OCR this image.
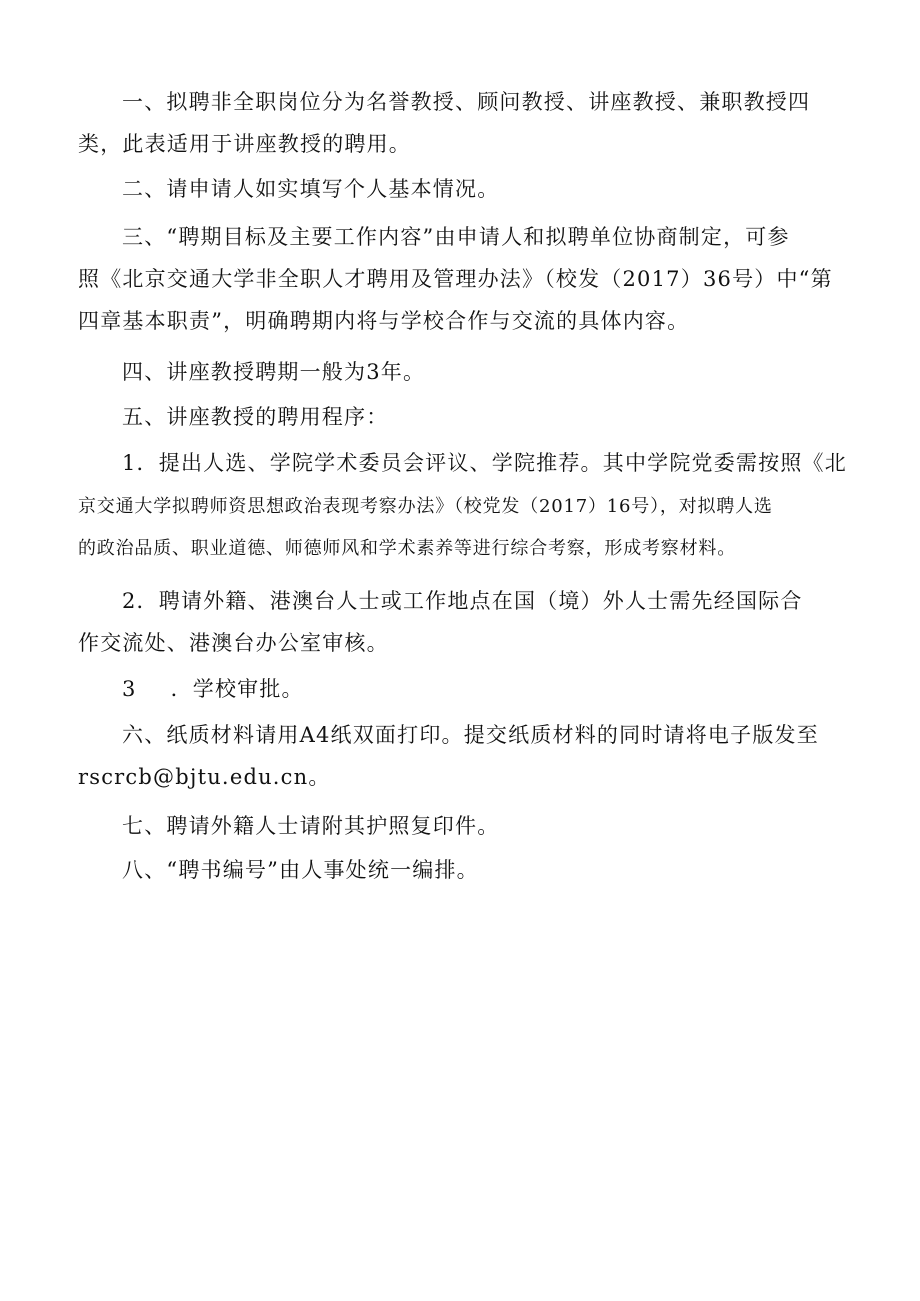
一、拟聘非全职岗位分为名誉教授、顾问教授、讲座教授、兼职教授四
类，此表适用于讲座教授的聘用。

二、请申请人如实填写个人基本情况。

三、“聘期目标及主要工作内容”由申请人和拟聘单位协商制定，可参
照《北京交通大学非全职人才聘用及管理办法》（校发（2017）36号）中“第
四章基本职责”，明确聘期内将与学校合作与交流的具体内容。

四、讲座教授聘期一般为3年。

五、讲座教授的聘用程序：

1．提出人选、学院学术委员会评议、学院推荐。其中学院党委需按照《北

京交通大学拟聘师资思想政治表现考察办法》（校党发（2017）16号），对拟聘人选
的政治品质、职业道德、师德师风和学术素养等进行综合考察，形成考察材料。

2．聘请外籍、港澳台人士或工作地点在国（境）外人士需先经国际合
作交流处、港澳台办公室审核。

3 ．学校审批。

六、纸质材料请用A4纸双面打印。提交纸质材料的同时请将电子版发至
rscrcb@bjtu.edu.cn。

七、聘请外籍人士请附其护照复印件。

八、“聘书编号”由人事处统一编排。
